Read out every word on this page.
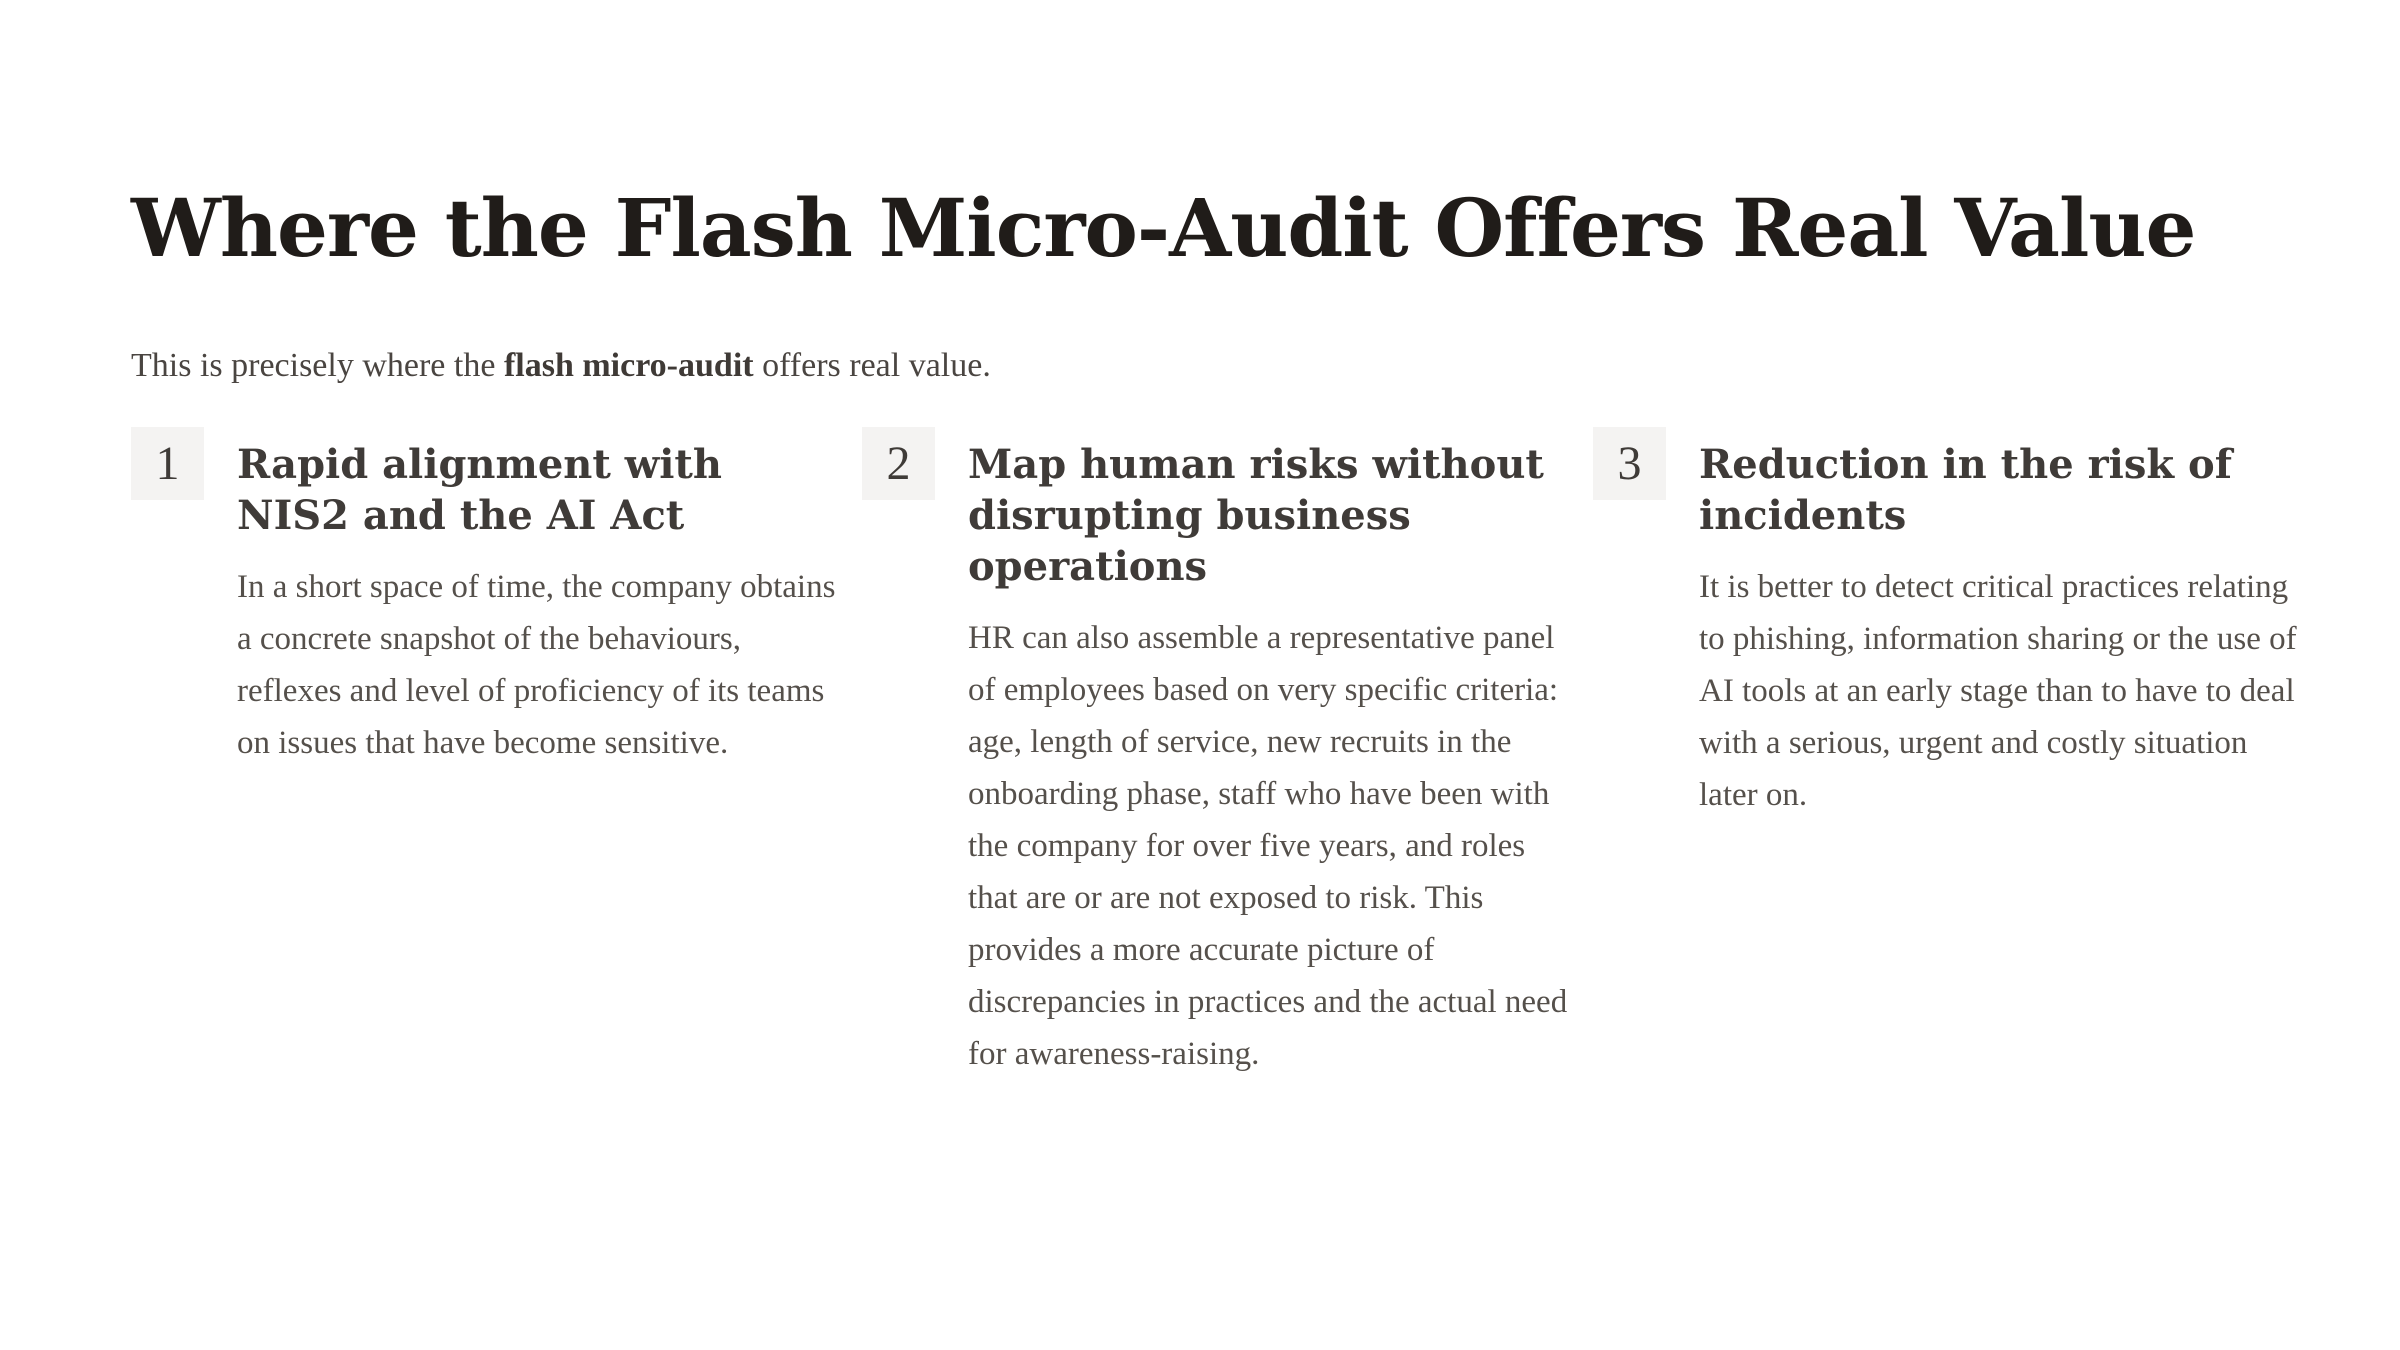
Where the Flash Micro-Audit Offers Real Value

This is precisely where the flash micro-audit offers real value.

1	Rapid alignment with NIS2 and the AI Act

In a short space of time, the company obtains a concrete snapshot of the behaviours, reflexes and level of proficiency of its teams on issues that have become sensitive.

2	Map human risks without disrupting business operations

HR can also assemble a representative panel of employees based on very specific criteria: age, length of service, new recruits in the onboarding phase, staff who have been with the company for over five years, and roles that are or are not exposed to risk. This provides a more accurate picture of discrepancies in practices and the actual need for awareness-raising.

3	Reduction in the risk of incidents

It is better to detect critical practices relating to phishing, information sharing or the use of AI tools at an early stage than to have to deal with a serious, urgent and costly situation later on.
